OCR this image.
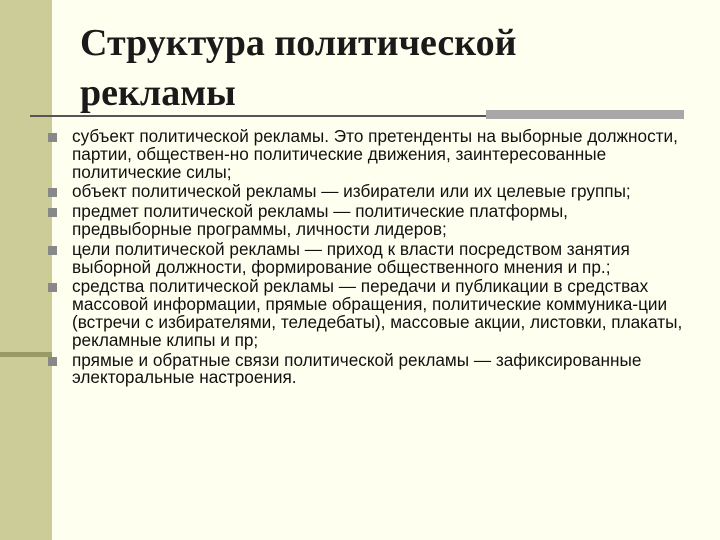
Структура политической
рекламы
субъект политической рекламы. Это претенденты на выборные должности, партии, обществен-но политические движения, заинтересованные политические силы;
объект политической рекламы — избиратели или их целевые группы;
предмет политической рекламы — политические платформы, предвыборные программы, личности лидеров;
цели политической рекламы — приход к власти посредством занятия выборной должности, формирование общественного мнения и пр.;
средства политической рекламы — передачи и публикации в средствах массовой информации, прямые обращения, политические коммуника-ции (встречи с избирателями, теледебаты), массовые акции, листовки, плакаты, рекламные клипы и пр;
прямые и обратные связи политической рекламы — зафиксированные электоральные настроения.
